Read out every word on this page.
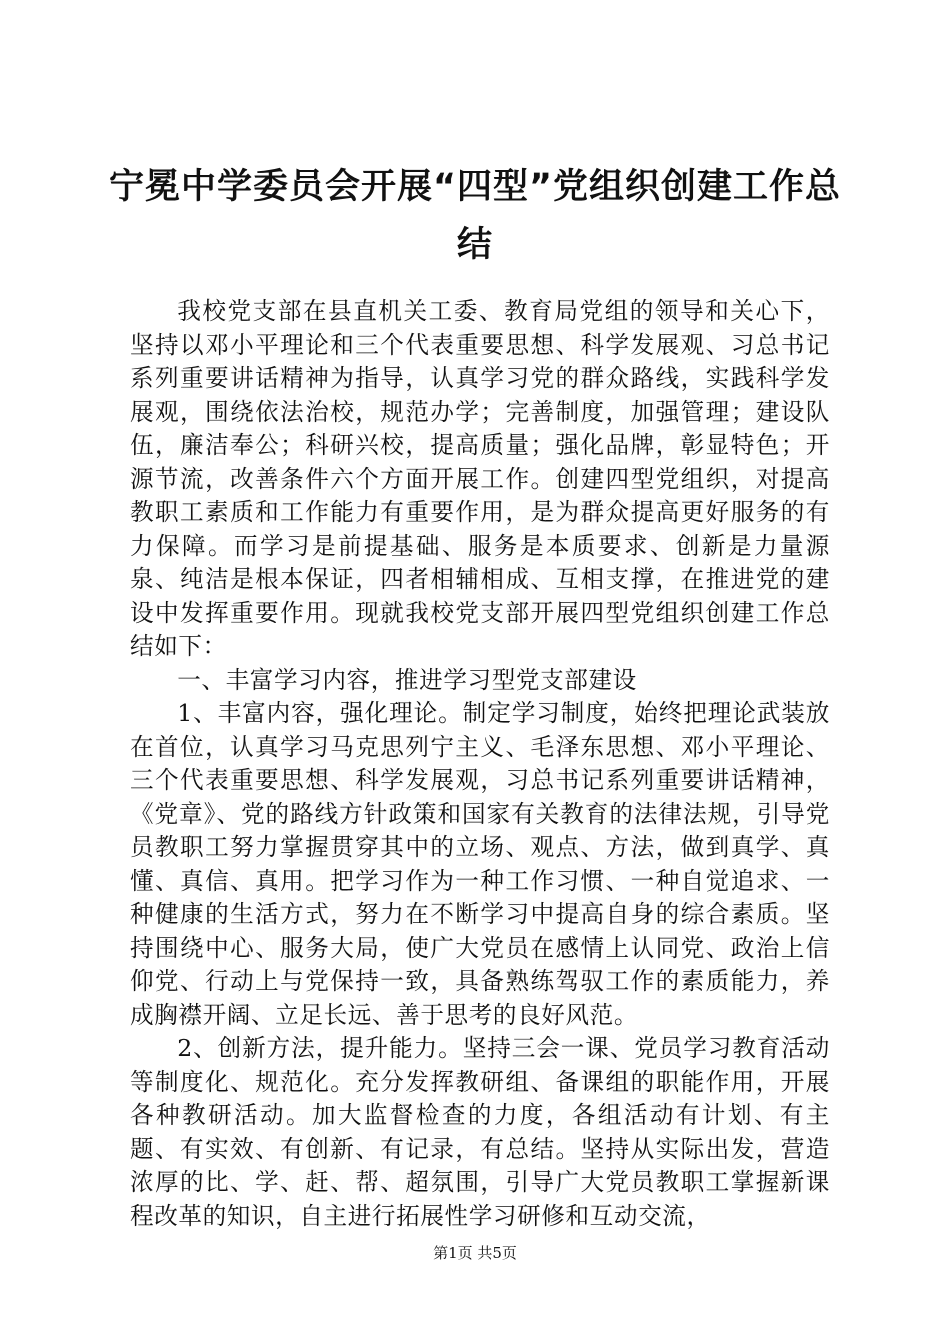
宁冕中学委员会开展“四型”党组织创建工作总结

我校党支部在县直机关工委、教育局党组的领导和关心下，坚持以邓小平理论和三个代表重要思想、科学发展观、习总书记系列重要讲话精神为指导，认真学习党的群众路线，实践科学发展观，围绕依法治校，规范办学；完善制度，加强管理；建设队伍，廉洁奉公；科研兴校，提高质量；强化品牌，彰显特色；开源节流，改善条件六个方面开展工作。创建四型党组织，对提高教职工素质和工作能力有重要作用，是为群众提高更好服务的有力保障。而学习是前提基础、服务是本质要求、创新是力量源泉、纯洁是根本保证，四者相辅相成、互相支撑，在推进党的建设中发挥重要作用。现就我校党支部开展四型党组织创建工作总结如下：

一、丰富学习内容，推进学习型党支部建设

1、丰富内容，强化理论。制定学习制度，始终把理论武装放在首位，认真学习马克思列宁主义、毛泽东思想、邓小平理论、三个代表重要思想、科学发展观，习总书记系列重要讲话精神，《党章》、党的路线方针政策和国家有关教育的法律法规，引导党员教职工努力掌握贯穿其中的立场、观点、方法，做到真学、真懂、真信、真用。把学习作为一种工作习惯、一种自觉追求、一种健康的生活方式，努力在不断学习中提高自身的综合素质。坚持围绕中心、服务大局，使广大党员在感情上认同党、政治上信仰党、行动上与党保持一致，具备熟练驾驭工作的素质能力，养成胸襟开阔、立足长远、善于思考的良好风范。

2、创新方法，提升能力。坚持三会一课、党员学习教育活动等制度化、规范化。充分发挥教研组、备课组的职能作用，开展各种教研活动。加大监督检查的力度，各组活动有计划、有主题、有实效、有创新、有记录，有总结。坚持从实际出发，营造浓厚的比、学、赶、帮、超氛围，引导广大党员教职工掌握新课程改革的知识，自主进行拓展性学习研修和互动交流，

第1页 共5页
